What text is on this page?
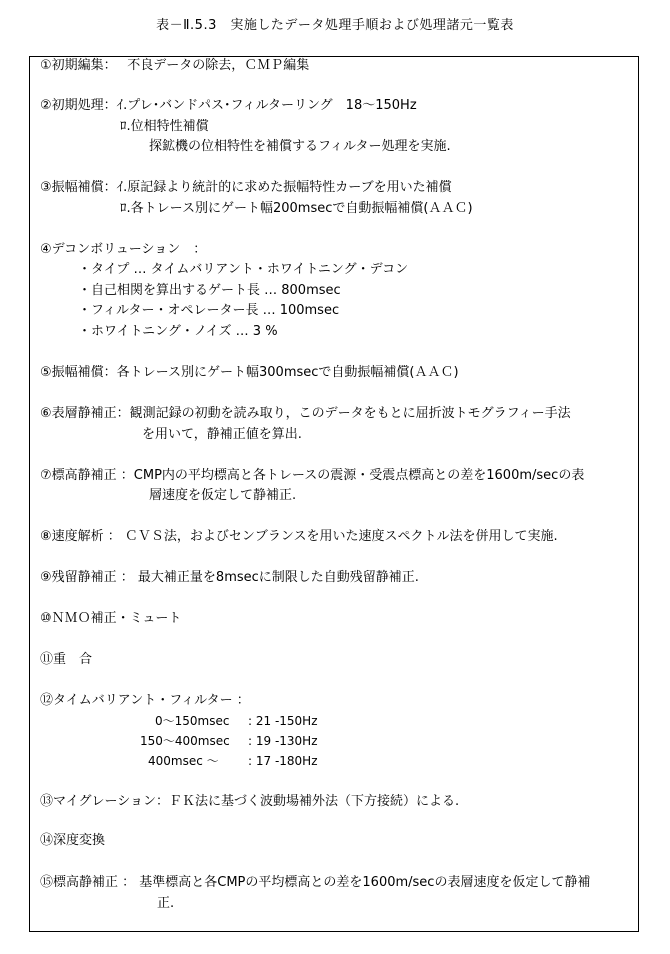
表－Ⅱ.5.3　実施したデータ処理手順および処理諸元一覧表
①初期編集：　 不良データの除去，ＣＭＰ編集
②初期処理：ｲ.プレ･バンドパス･フィルターリング　18～150Hz
ﾛ.位相特性補償
探鉱機の位相特性を補償するフィルター処理を実施.
③振幅補償：ｲ.原記録より統計的に求めた振幅特性カーブを用いた補償
ﾛ.各トレース別にゲート幅200msecで自動振幅補償(ＡＡＣ)
④デコンボリューション　：
・タイプ … タイムバリアント・ホワイトニング・デコン
・自己相関を算出するゲート長 … 800msec
・フィルター・オペレーター長 … 100msec
・ホワイトニング・ノイズ … 3 %
⑤振幅補償：各トレース別にゲート幅300msecで自動振幅補償(ＡＡＣ)
⑥表層静補正：観測記録の初動を読み取り，このデータをもとに屈折波トモグラフィー手法
を用いて，静補正値を算出.
⑦標高静補正 ：CMP内の平均標高と各トレースの震源・受震点標高との差を1600m/secの表
層速度を仮定して静補正.
⑧速度解析 ： ＣＶＳ法，およびセンブランスを用いた速度スペクトル法を併用して実施.
⑨残留静補正 ： 最大補正量を8msecに制限した自動残留静補正.
⑩ＮＭＯ補正・ミュート
⑪重　合
⑫タイムバリアント・フィルター ：
0～150msec : 21 -150Hz
150～400msec : 19 -130Hz
400msec ～ : 17 -180Hz
⑬マイグレーション：ＦＫ法に基づく波動場補外法（下方接続）による.
⑭深度変換
⑮標高静補正 ： 基準標高と各CMPの平均標高との差を1600m/secの表層速度を仮定して静補
正.
